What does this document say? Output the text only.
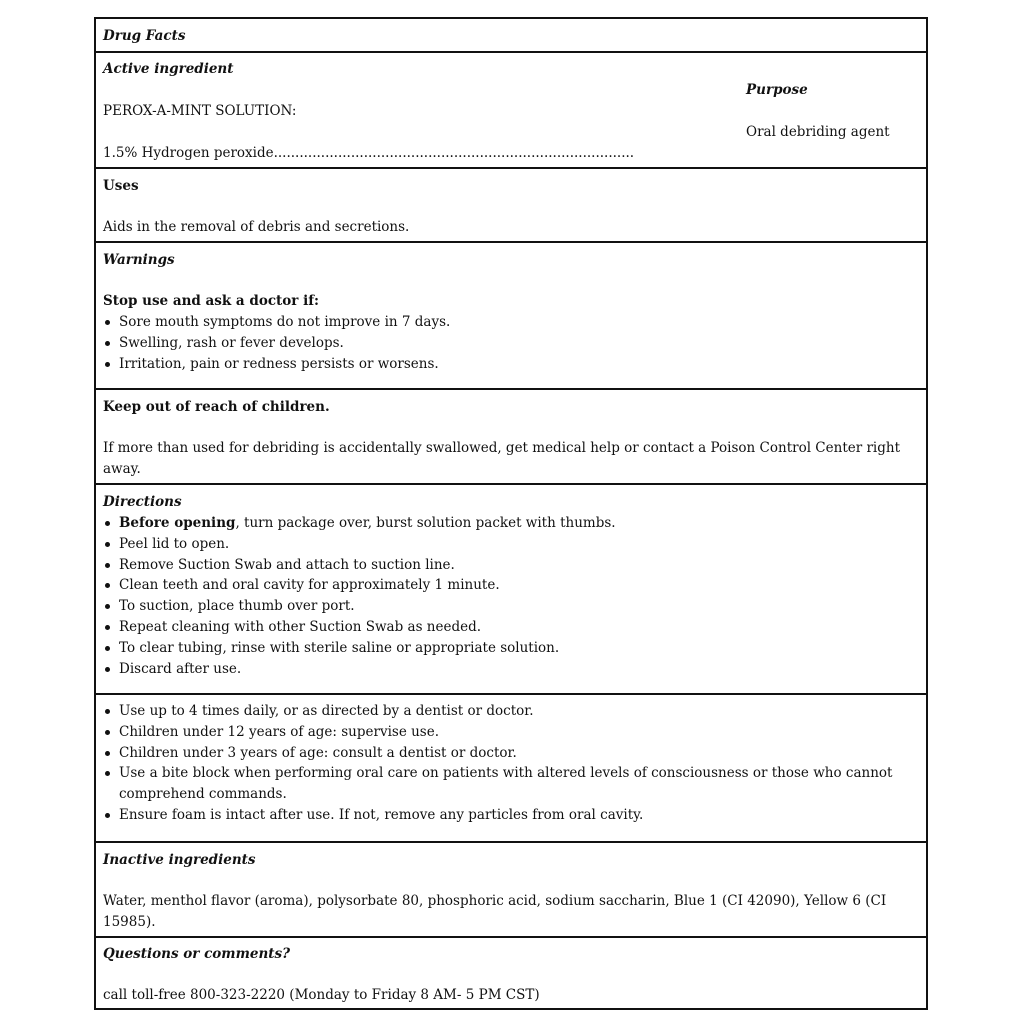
Drug Facts
Active ingredient
PEROX-A-MINT SOLUTION:
1.5% Hydrogen peroxide....................................................................................
Purpose
Oral debriding agent
Uses
Aids in the removal of debris and secretions.
Warnings
Stop use and ask a doctor if:
Sore mouth symptoms do not improve in 7 days.
Swelling, rash or fever develops.
Irritation, pain or redness persists or worsens.
Keep out of reach of children.
If more than used for debriding is accidentally swallowed, get medical help or contact a Poison Control Center right away.
Directions
Before opening, turn package over, burst solution packet with thumbs.
Peel lid to open.
Remove Suction Swab and attach to suction line.
Clean teeth and oral cavity for approximately 1 minute.
To suction, place thumb over port.
Repeat cleaning with other Suction Swab as needed.
To clear tubing, rinse with sterile saline or appropriate solution.
Discard after use.
Use up to 4 times daily, or as directed by a dentist or doctor.
Children under 12 years of age: supervise use.
Children under 3 years of age: consult a dentist or doctor.
Use a bite block when performing oral care on patients with altered levels of consciousness or those who cannot comprehend commands.
Ensure foam is intact after use. If not, remove any particles from oral cavity.
Inactive ingredients
Water, menthol flavor (aroma), polysorbate 80, phosphoric acid, sodium saccharin, Blue 1 (CI 42090), Yellow 6 (CI 15985).
Questions or comments?
call toll-free 800-323-2220 (Monday to Friday 8 AM- 5 PM CST)
